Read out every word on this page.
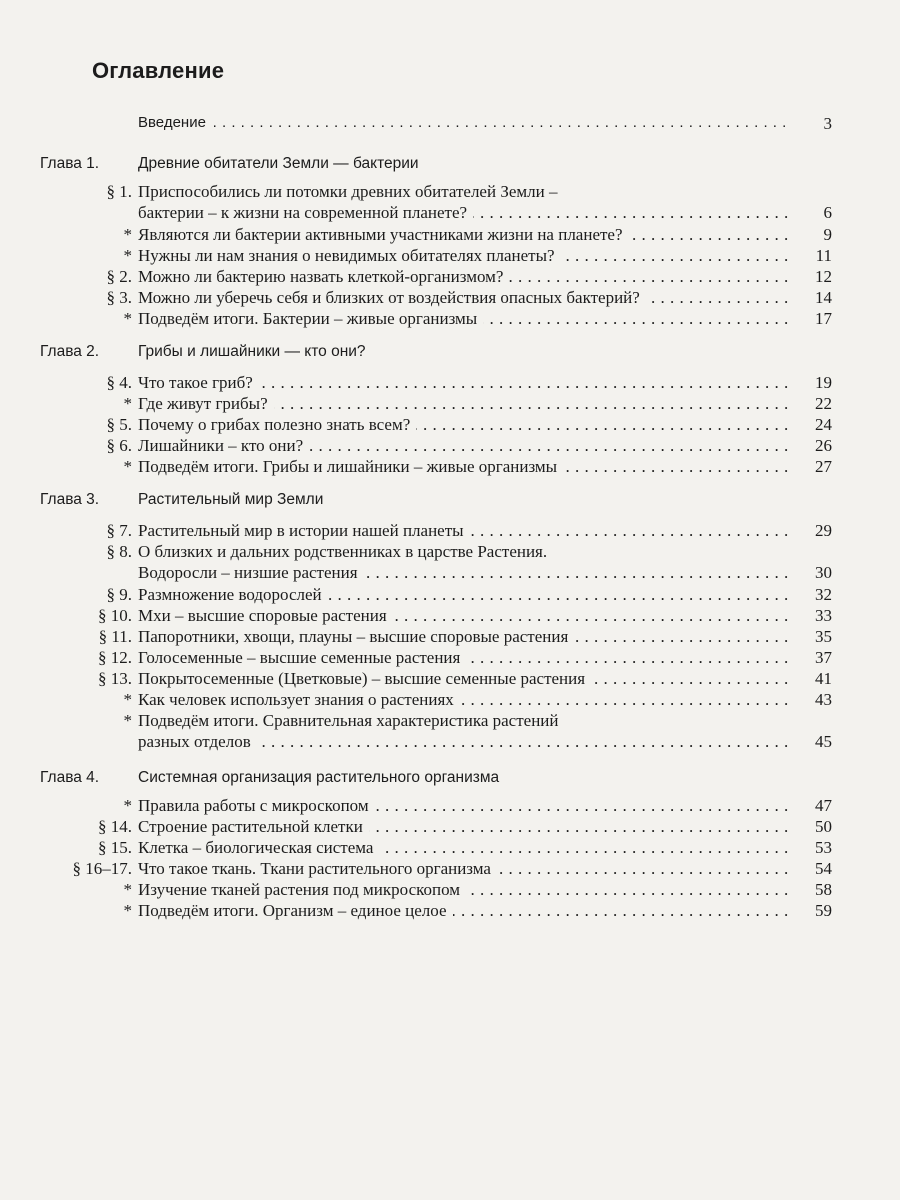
Оглавление
Введение . . .	3
Глава 1.	Древние обитатели Земли — бактерии
Глава 2.	Грибы и лишайники — кто они?
Глава 3.	Растительный мир Земли
Глава 4.	Системная организация растительного организма
§ 1. Приспособились ли потомки древних обитателей Земли –
бактерии – к жизни на современной планете? . . .	6
* Являются ли бактерии активными участниками жизни на планете? . . .	9
* Нужны ли нам знания о невидимых обитателях планеты? . . .	11
§ 2. Можно ли бактерию назвать клеткой-организмом? . . .	12
§ 3. Можно ли уберечь себя и близких от воздействия опасных бактерий? . . .	14
* Подведём итоги. Бактерии – живые организмы . . .	17
§ 4. Что такое гриб? . . .	19
* Где живут грибы? . . .	22
§ 5. Почему о грибах полезно знать всем? . . .	24
§ 6. Лишайники – кто они? . . .	26
* Подведём итоги. Грибы и лишайники – живые организмы . . .	27
§ 7. Растительный мир в истории нашей планеты . . .	29
§ 8. О близких и дальних родственниках в царстве Растения.
Водоросли – низшие растения . . .	30
§ 9. Размножение водорослей . . .	32
§ 10. Мхи – высшие споровые растения . . .	33
§ 11. Папоротники, хвощи, плауны – высшие споровые растения . . .	35
§ 12. Голосеменные – высшие семенные растения . . .	37
§ 13. Покрытосеменные (Цветковые) – высшие семенные растения . . .	41
* Как человек использует знания о растениях . . .	43
* Подведём итоги. Сравнительная характеристика растений
разных отделов . . .	45
* Правила работы с микроскопом . . .	47
§ 14. Строение растительной клетки . . .	50
§ 15. Клетка – биологическая система . . .	53
§ 16–17. Что такое ткань. Ткани растительного организма . . .	54
* Изучение тканей растения под микроскопом . . .	58
* Подведём итоги. Организм – единое целое . . .	59
